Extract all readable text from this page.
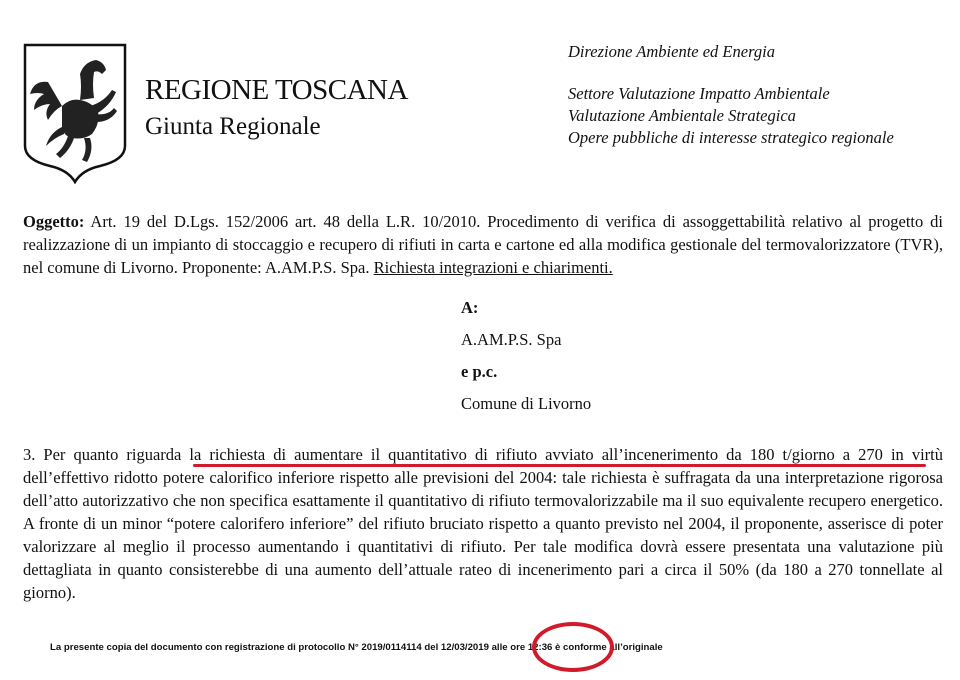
REGIONE TOSCANA
Giunta Regionale
Direzione Ambiente ed Energia
Settore Valutazione Impatto Ambientale
Valutazione Ambientale Strategica
Opere pubbliche di interesse strategico regionale
Oggetto: Art. 19 del D.Lgs. 152/2006 art. 48 della L.R. 10/2010. Procedimento di verifica di assoggettabilità relativo al progetto di realizzazione di un impianto di stoccaggio e recupero di rifiuti in carta e cartone ed alla modifica gestionale del termovalorizzatore (TVR), nel comune di Livorno. Proponente: A.AM.P.S. Spa. Richiesta integrazioni e chiarimenti.
A:
A.AM.P.S. Spa
e p.c.
Comune di Livorno
3. Per quanto riguarda la richiesta di aumentare il quantitativo di rifiuto avviato all’incenerimento da 180 t/giorno a 270 in virtù dell’effettivo ridotto potere calorifico inferiore rispetto alle previsioni del 2004: tale richiesta è suffragata da una interpretazione rigorosa dell’atto autorizzativo che non specifica esattamente il quantitativo di rifiuto termovalorizzabile ma il suo equivalente recupero energetico. A fronte di un minor “potere calorifero inferiore” del rifiuto bruciato rispetto a quanto previsto nel 2004, il proponente, asserisce di poter valorizzare al meglio il processo aumentando i quantitativi di rifiuto. Per tale modifica dovrà essere presentata una valutazione più dettagliata in quanto consisterebbe di una aumento dell’attuale rateo di incenerimento pari a circa il 50% (da 180 a 270 tonnellate al giorno).
La presente copia del documento con registrazione di protocollo N° 2019/0114114 del 12/03/2019 alle ore 12:36 è conforme all’originale
